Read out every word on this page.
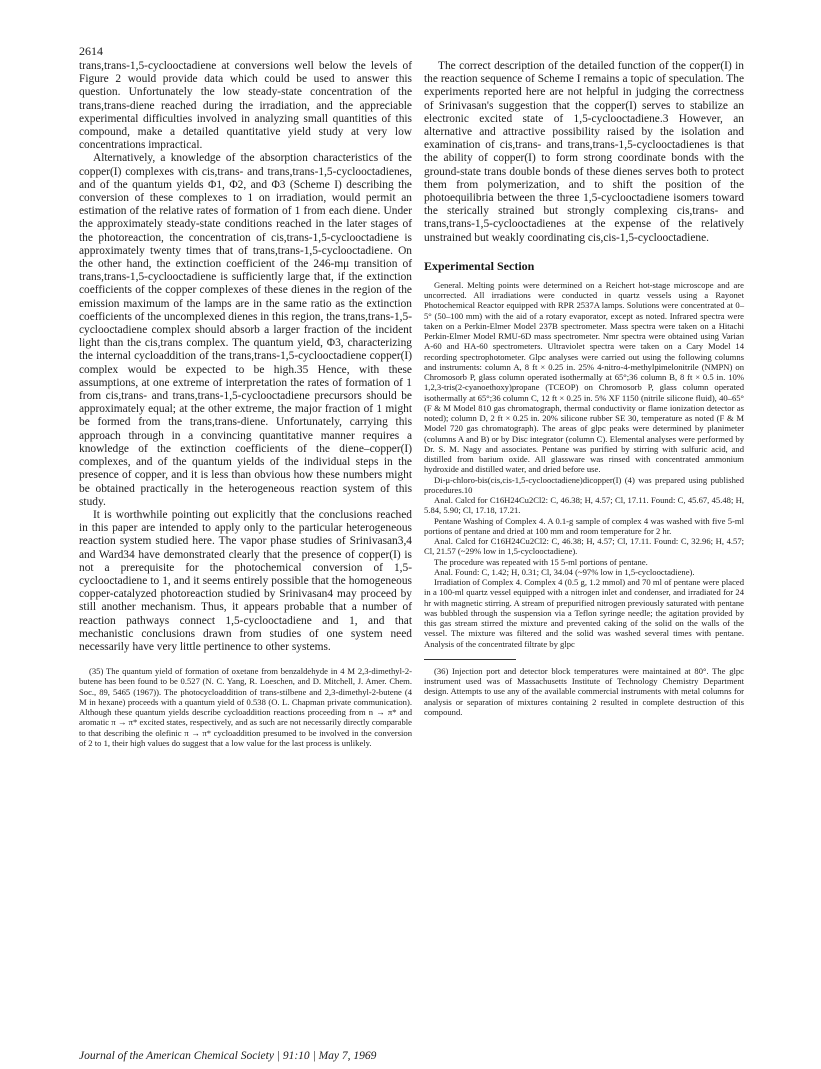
2614

trans,trans-1,5-cyclooctadiene at conversions well below the levels of Figure 2 would provide data which could be used to answer this question. Unfortunately the low steady-state concentration of the trans,trans-diene reached during the irradiation, and the appreciable experimental difficulties involved in analyzing small quantities of this compound, make a detailed quantitative yield study at very low concentrations impractical.

Alternatively, a knowledge of the absorption characteristics of the copper(I) complexes with cis,trans- and trans,trans-1,5-cyclooctadienes, and of the quantum yields Φ1, Φ2, and Φ3 (Scheme I) describing the conversion of these complexes to 1 on irradiation, would permit an estimation of the relative rates of formation of 1 from each diene. Under the approximately steady-state conditions reached in the later stages of the photoreaction, the concentration of cis,trans-1,5-cyclooctadiene is approximately twenty times that of trans,trans-1,5-cyclooctadiene. On the other hand, the extinction coefficient of the 246-mμ transition of trans,trans-1,5-cyclooctadiene is sufficiently large that, if the extinction coefficients of the copper complexes of these dienes in the region of the emission maximum of the lamps are in the same ratio as the extinction coefficients of the uncomplexed dienes in this region, the trans,trans-1,5-cyclooctadiene complex should absorb a larger fraction of the incident light than the cis,trans complex. The quantum yield, Φ3, characterizing the internal cycloaddition of the trans,trans-1,5-cyclooctadiene copper(I) complex would be expected to be high.35 Hence, with these assumptions, at one extreme of interpretation the rates of formation of 1 from cis,trans- and trans,trans-1,5-cyclooctadiene precursors should be approximately equal; at the other extreme, the major fraction of 1 might be formed from the trans,trans-diene. Unfortunately, carrying this approach through in a convincing quantitative manner requires a knowledge of the extinction coefficients of the diene–copper(I) complexes, and of the quantum yields of the individual steps in the presence of copper, and it is less than obvious how these numbers might be obtained practically in the heterogeneous reaction system of this study.

It is worthwhile pointing out explicitly that the conclusions reached in this paper are intended to apply only to the particular heterogeneous reaction system studied here. The vapor phase studies of Srinivasan3,4 and Ward34 have demonstrated clearly that the presence of copper(I) is not a prerequisite for the photochemical conversion of 1,5-cyclooctadiene to 1, and it seems entirely possible that the homogeneous copper-catalyzed photoreaction studied by Srinivasan4 may proceed by still another mechanism. Thus, it appears probable that a number of reaction pathways connect 1,5-cyclooctadiene and 1, and that mechanistic conclusions drawn from studies of one system need necessarily have very little pertinence to other systems.

(35) The quantum yield of formation of oxetane from benzaldehyde in 4 M 2,3-dimethyl-2-butene has been found to be 0.527 (N. C. Yang, R. Loeschen, and D. Mitchell, J. Amer. Chem. Soc., 89, 5465 (1967)). The photocycloaddition of trans-stilbene and 2,3-dimethyl-2-butene (4 M in hexane) proceeds with a quantum yield of 0.538 (O. L. Chapman private communication). Although these quantum yields describe cycloaddition reactions proceeding from n → π* and aromatic π → π* excited states, respectively, and as such are not necessarily directly comparable to that describing the olefinic π → π* cycloaddition presumed to be involved in the conversion of 2 to 1, their high values do suggest that a low value for the last process is unlikely.

The correct description of the detailed function of the copper(I) in the reaction sequence of Scheme I remains a topic of speculation. The experiments reported here are not helpful in judging the correctness of Srinivasan's suggestion that the copper(I) serves to stabilize an electronic excited state of 1,5-cyclooctadiene.3 However, an alternative and attractive possibility raised by the isolation and examination of cis,trans- and trans,trans-1,5-cyclooctadienes is that the ability of copper(I) to form strong coordinate bonds with the ground-state trans double bonds of these dienes serves both to protect them from polymerization, and to shift the position of the photoequilibria between the three 1,5-cyclooctadiene isomers toward the sterically strained but strongly complexing cis,trans- and trans,trans-1,5-cyclooctadienes at the expense of the relatively unstrained but weakly coordinating cis,cis-1,5-cyclooctadiene.

Experimental Section

General. Melting points were determined on a Reichert hot-stage microscope and are uncorrected. All irradiations were conducted in quartz vessels using a Rayonet Photochemical Reactor equipped with RPR 2537A lamps. Solutions were concentrated at 0–5° (50–100 mm) with the aid of a rotary evaporator, except as noted. Infrared spectra were taken on a Perkin-Elmer Model 237B spectrometer. Mass spectra were taken on a Hitachi Perkin-Elmer Model RMU-6D mass spectrometer. Nmr spectra were obtained using Varian A-60 and HA-60 spectrometers. Ultraviolet spectra were taken on a Cary Model 14 recording spectrophotometer. Glpc analyses were carried out using the following columns and instruments: column A, 8 ft × 0.25 in. 25% 4-nitro-4-methylpimelonitrile (NMPN) on Chromosorb P, glass column operated isothermally at 65°;36 column B, 8 ft × 0.5 in. 10% 1,2,3-tris(2-cyanoethoxy)propane (TCEOP) on Chromosorb P, glass column operated isothermally at 65°;36 column C, 12 ft × 0.25 in. 5% XF 1150 (nitrile silicone fluid), 40–65° (F & M Model 810 gas chromatograph, thermal conductivity or flame ionization detector as noted); column D, 2 ft × 0.25 in. 20% silicone rubber SE 30, temperature as noted (F & M Model 720 gas chromatograph). The areas of glpc peaks were determined by planimeter (columns A and B) or by Disc integrator (column C). Elemental analyses were performed by Dr. S. M. Nagy and associates. Pentane was purified by stirring with sulfuric acid, and distilled from barium oxide. All glassware was rinsed with concentrated ammonium hydroxide and distilled water, and dried before use.

Di-μ-chloro-bis(cis,cis-1,5-cyclooctadiene)dicopper(I) (4) was prepared using published procedures.10

Anal. Calcd for C16H24Cu2Cl2: C, 46.38; H, 4.57; Cl, 17.11. Found: C, 45.67, 45.48; H, 5.84, 5.90; Cl, 17.18, 17.21.

Pentane Washing of Complex 4. A 0.1-g sample of complex 4 was washed with five 5-ml portions of pentane and dried at 100 mm and room temperature for 2 hr.

Anal. Calcd for C16H24Cu2Cl2: C, 46.38; H, 4.57; Cl, 17.11. Found: C, 32.96; H, 4.57; Cl, 21.57 (~29% low in 1,5-cyclooctadiene).

The procedure was repeated with 15 5-ml portions of pentane.

Anal. Found: C, 1.42; H, 0.31; Cl, 34.04 (~97% low in 1,5-cyclooctadiene).

Irradiation of Complex 4. Complex 4 (0.5 g, 1.2 mmol) and 70 ml of pentane were placed in a 100-ml quartz vessel equipped with a nitrogen inlet and condenser, and irradiated for 24 hr with magnetic stirring. A stream of prepurified nitrogen previously saturated with pentane was bubbled through the suspension via a Teflon syringe needle; the agitation provided by this gas stream stirred the mixture and prevented caking of the solid on the walls of the vessel. The mixture was filtered and the solid was washed several times with pentane. Analysis of the concentrated filtrate by glpc

(36) Injection port and detector block temperatures were maintained at 80°. The glpc instrument used was of Massachusetts Institute of Technology Chemistry Department design. Attempts to use any of the available commercial instruments with metal columns for analysis or separation of mixtures containing 2 resulted in complete destruction of this compound.

Journal of the American Chemical Society | 91:10 | May 7, 1969
